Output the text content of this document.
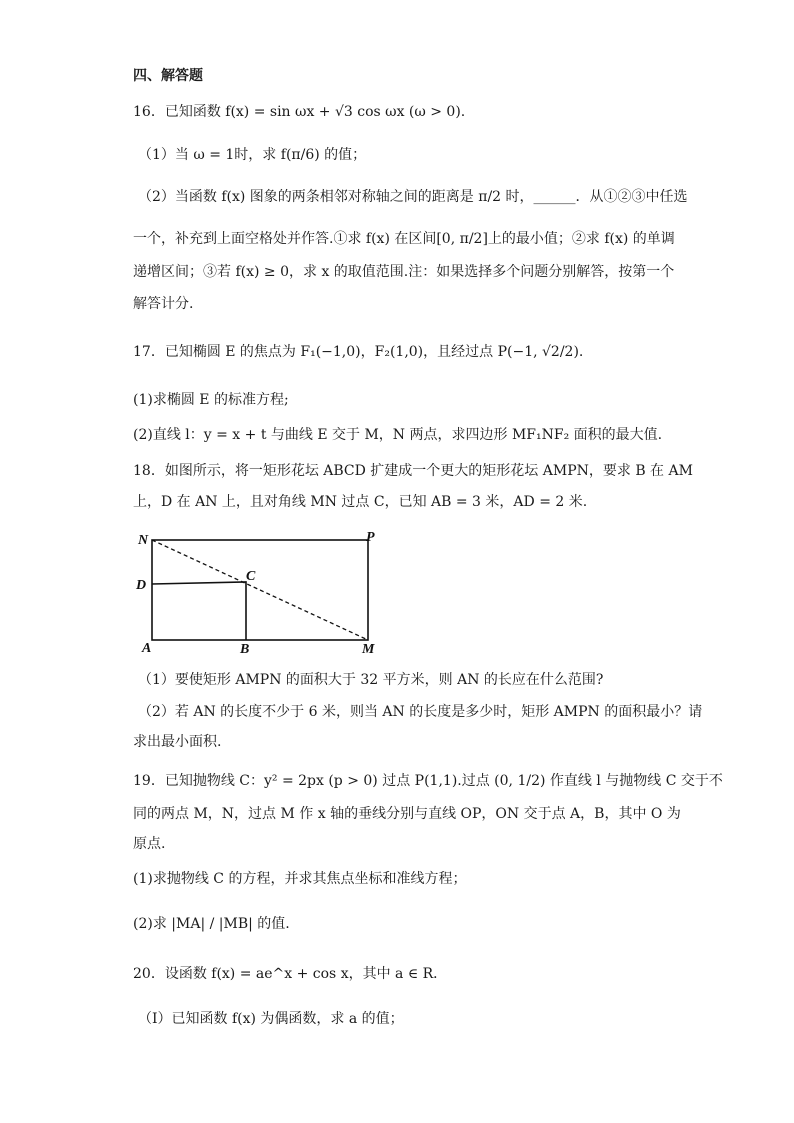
四、解答题
16．已知函数 f(x) = sin ωx + √3 cos ωx (ω > 0).
（1）当 ω = 1时，求 f(π/6) 的值；
（2）当函数 f(x) 图象的两条相邻对称轴之间的距离是 π/2 时，______．从①②③中任选
一个，补充到上面空格处并作答.①求 f(x) 在区间[0, π/2]上的最小值；②求 f(x) 的单调
递增区间；③若 f(x) ≥ 0，求 x 的取值范围.注：如果选择多个问题分别解答，按第一个
解答计分.
17．已知椭圆 E 的焦点为 F₁(−1,0)，F₂(1,0)，且经过点 P(−1, √2/2).
(1)求椭圆 E 的标准方程;
(2)直线 l：y = x + t 与曲线 E 交于 M，N 两点，求四边形 MF₁NF₂ 面积的最大值.
18．如图所示，将一矩形花坛 ABCD 扩建成一个更大的矩形花坛 AMPN，要求 B 在 AM
上，D 在 AN 上，且对角线 MN 过点 C，已知 AB = 3 米，AD = 2 米.
N	P
D
C
A	B	M
（1）要使矩形 AMPN 的面积大于 32 平方米，则 AN 的长应在什么范围?
（2）若 AN 的长度不少于 6 米，则当 AN 的长度是多少时，矩形 AMPN 的面积最小？请
求出最小面积.
19．已知抛物线 C：y² = 2px (p > 0) 过点 P(1,1).过点 (0, 1/2) 作直线 l 与抛物线 C 交于不
同的两点 M，N，过点 M 作 x 轴的垂线分别与直线 OP，ON 交于点 A，B，其中 O 为
原点.
(1)求抛物线 C 的方程，并求其焦点坐标和准线方程；
(2)求 |MA| / |MB| 的值.
20．设函数 f(x) = ae^x + cos x，其中 a ∈ R．
（Ⅰ）已知函数 f(x) 为偶函数，求 a 的值；
